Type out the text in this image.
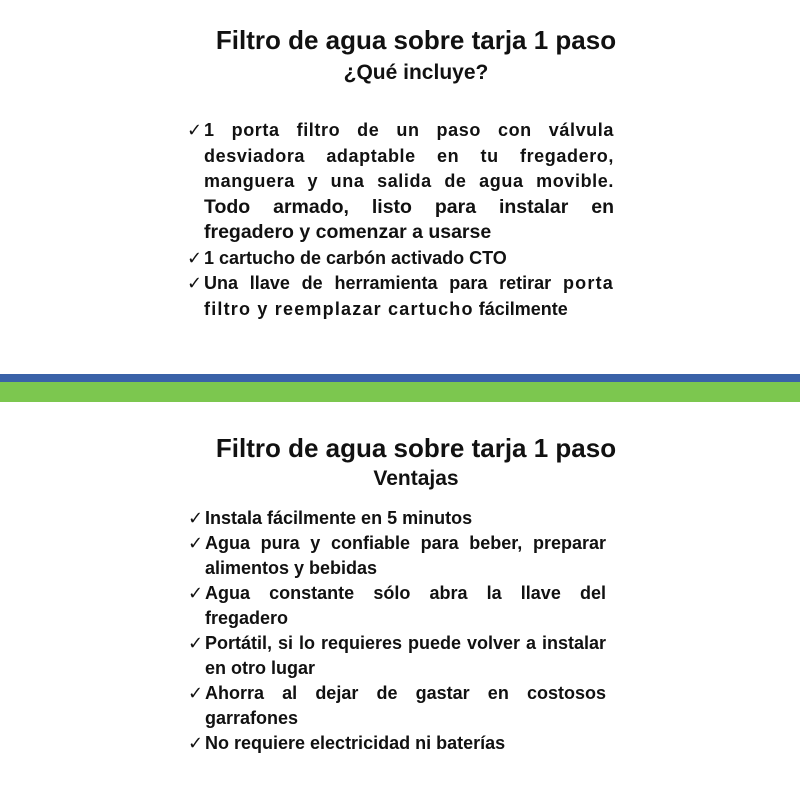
Filtro de agua sobre tarja 1 paso
¿Qué incluye?
✓ 1 porta filtro de un paso con válvula desviadora adaptable en tu fregadero, manguera y una salida de agua movible. Todo armado, listo para instalar en fregadero y comenzar a usarse
✓ 1 cartucho de carbón activado CTO
✓ Una llave de herramienta para retirar porta filtro y reemplazar cartucho fácilmente
Filtro de agua sobre tarja 1 paso
Ventajas
✓ Instala fácilmente en 5 minutos
✓ Agua pura y confiable para beber, preparar alimentos y bebidas
✓ Agua constante sólo abra la llave del fregadero
✓ Portátil, si lo requieres puede volver a instalar en otro lugar
✓ Ahorra al dejar de gastar en costosos garrafones
✓ No requiere electricidad ni baterías
